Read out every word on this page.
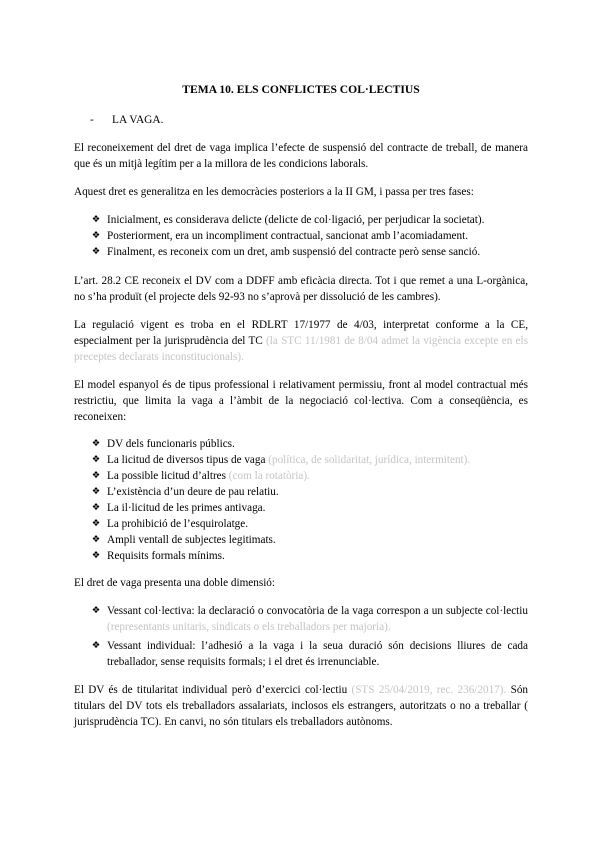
TEMA 10. ELS CONFLICTES COL·LECTIUS
- LA VAGA.

El reconeixement del dret de vaga implica l’efecte de suspensió del contracte de treball, de manera que és un mitjà legítim per a la millora de les condicions laborals.

Aquest dret es generalitza en les democràcies posteriors a la II GM, i passa per tres fases:

❖ Inicialment, es considerava delicte (delicte de col·ligació, per perjudicar la societat).
❖ Posteriorment, era un incompliment contractual, sancionat amb l’acomiadament.
❖ Finalment, es reconeix com un dret, amb suspensió del contracte però sense sanció.

L’art. 28.2 CE reconeix el DV com a DDFF amb eficàcia directa. Tot i que remet a una L-orgànica, no s’ha produït (el projecte dels 92-93 no s’aprovà per dissolució de les cambres).

La regulació vigent es troba en el RDLRT 17/1977 de 4/03, interpretat conforme a la CE, especialment per la jurisprudència del TC (la STC 11/1981 de 8/04 admet la vigència excepte en els preceptes declarats inconstitucionals).

El model espanyol és de tipus professional i relativament permissiu, front al model contractual més restrictiu, que limita la vaga a l’àmbit de la negociació col·lectiva. Com a conseqüència, es reconeixen:

❖ DV dels funcionaris públics.
❖ La licitud de diversos tipus de vaga (política, de solidaritat, jurídica, intermitent).
❖ La possible licitud d’altres (com la rotatòria).
❖ L’existència d’un deure de pau relatiu.
❖ La il·licitud de les primes antivaga.
❖ La prohibició de l’esquirolatge.
❖ Ampli ventall de subjectes legitimats.
❖ Requisits formals mínims.

El dret de vaga presenta una doble dimensió:

❖ Vessant col·lectiva: la declaració o convocatòria de la vaga correspon a un subjecte col·lectiu (representants unitaris, sindicats o els treballadors per majoria).
❖ Vessant individual: l’adhesió a la vaga i la seua duració són decisions lliures de cada treballador, sense requisits formals; i el dret és irrenunciable.

El DV és de titularitat individual però d’exercici col·lectiu (STS 25/04/2019, rec. 236/2017). Són titulars del DV tots els treballadors assalariats, inclosos els estrangers, autoritzats o no a treballar ( jurisprudència TC). En canvi, no són titulars els treballadors autònoms.
